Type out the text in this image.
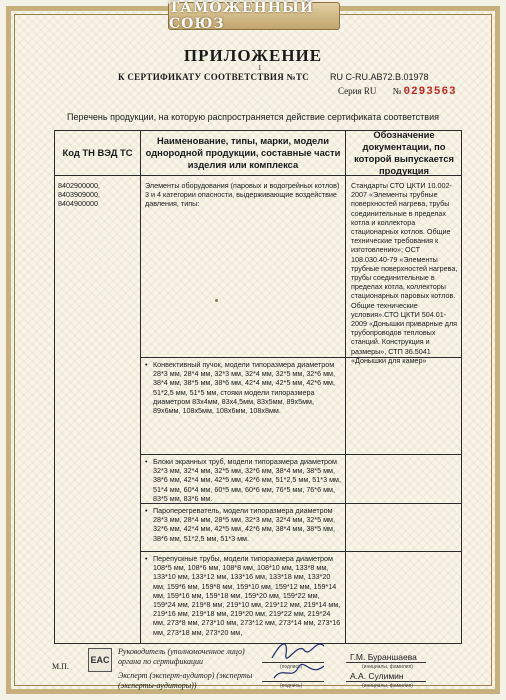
ТАМОЖЕННЫЙ СОЮЗ
ПРИЛОЖЕНИЕ
1
К СЕРТИФИКАТУ СООТВЕТСТВИЯ №ТС RU C-RU.АВ72.В.01978
Серия RU № 0293563
Перечень продукции, на которую распространяется действие сертификата соответствия
Код ТН ВЭД ТС
Наименование, типы, марки, модели однородной продукции, составные части изделия или комплекса
Обозначение документации, по которой выпускается продукция
8402900000,
8403909000,
8404900000
Элементы оборудования (паровых и водогрейных котлов) 3 и 4 категории опасности, выдерживающие воздействие давления, типы:
Стандарты СТО ЦКТИ 10.002-2007 «Элементы трубные поверхностей нагрева, трубы соединительные в пределах котла и коллектора стационарных котлов. Общие технические требования к изготовлению»; ОСТ 108.030.40-79 «Элементы трубные поверхностей нагрева, трубы соединительные в пределах котла, коллекторы стационарных паровых котлов. Общие технические условия».СТО ЦКТИ 504.01-2009 «Донышки приварные для трубопроводов тепловых станций. Конструкция и размеры», СТП 36.5041 «Донышки для камер»
• Конвективный пучок, модели типоразмера диаметром 28*3 мм, 28*4 мм, 32*3 мм, 32*4 мм, 32*5 мм, 32*6 мм, 38*4 мм, 38*5 мм, 38*6 мм, 42*4 мм, 42*5 мм, 42*6 мм, 51*2,5 мм, 51*5 мм, стояки модели типоразмера диаметром 83х4мм, 83х4,5мм, 83х5мм, 89х5мм, 89х6мм, 108х5мм, 108х6мм, 108х8мм.
• Блоки экранных труб, модели типоразмера диаметром 32*3 мм, 32*4 мм, 32*5 мм, 32*6 мм, 38*4 мм, 38*5 мм, 38*6 мм, 42*4 мм, 42*5 мм, 42*6 мм, 51*2,5 мм, 51*3 мм, 51*4 мм, 60*4 мм, 60*5 мм, 60*6 мм, 76*5 мм, 76*6 мм, 83*5 мм, 83*6 мм.
• Пароперегреватель, модели типоразмера диаметром 28*3 мм, 28*4 мм, 28*5 мм, 32*3 мм, 32*4 мм, 32*5 мм, 32*6 мм, 42*4 мм, 42*5 мм, 42*6 мм, 38*4 мм, 38*5 мм, 38*6 мм, 51*2,5 мм, 51*3 мм.
• Перепускные трубы, модели типоразмера диаметром 108*5 мм, 108*6 мм, 108*8 мм, 108*10 мм, 133*8 мм, 133*10 мм, 133*12 мм, 133*16 мм, 133*18 мм, 133*20 мм, 159*6 мм, 159*8 мм, 159*10 мм, 159*12 мм, 159*14 мм, 159*16 мм, 159*18 мм, 159*20 мм, 159*22 мм, 159*24 мм, 219*8 мм, 219*10 мм, 219*12 мм, 219*14 мм, 219*16 мм, 219*18 мм, 219*20 мм, 219*22 мм, 219*24 мм, 273*8 мм, 273*10 мм, 273*12 мм, 273*14 мм, 273*16 мм, 273*18 мм, 273*20 мм,
М.П.
EAC
Руководитель (уполномоченное лицо) органа по сертификации
(подпись)
Г.М. Бураншаева
(инициалы, фамилия)
Эксперт (эксперт-аудитор) (эксперты (эксперты-аудиторы))	(подпись)
А.А. Сулимин
(инициалы, фамилия)
